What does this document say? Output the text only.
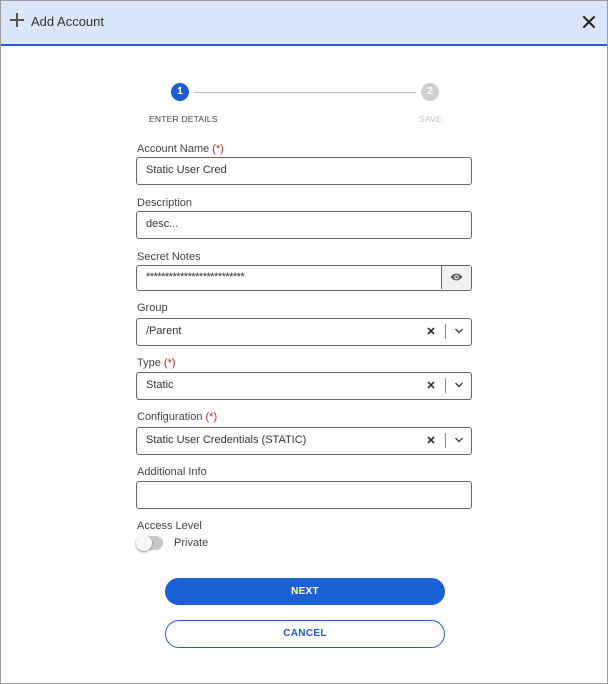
Add Account
1	2
ENTER DETAILS	SAVE
Account Name (*)
Static User Cred
Description
desc...
Secret Notes
**************************
Group
/Parent
Type (*)
Static
Configuration (*)
Static User Credentials (STATIC)
Additional Info
Access Level
Private
NEXT
CANCEL
